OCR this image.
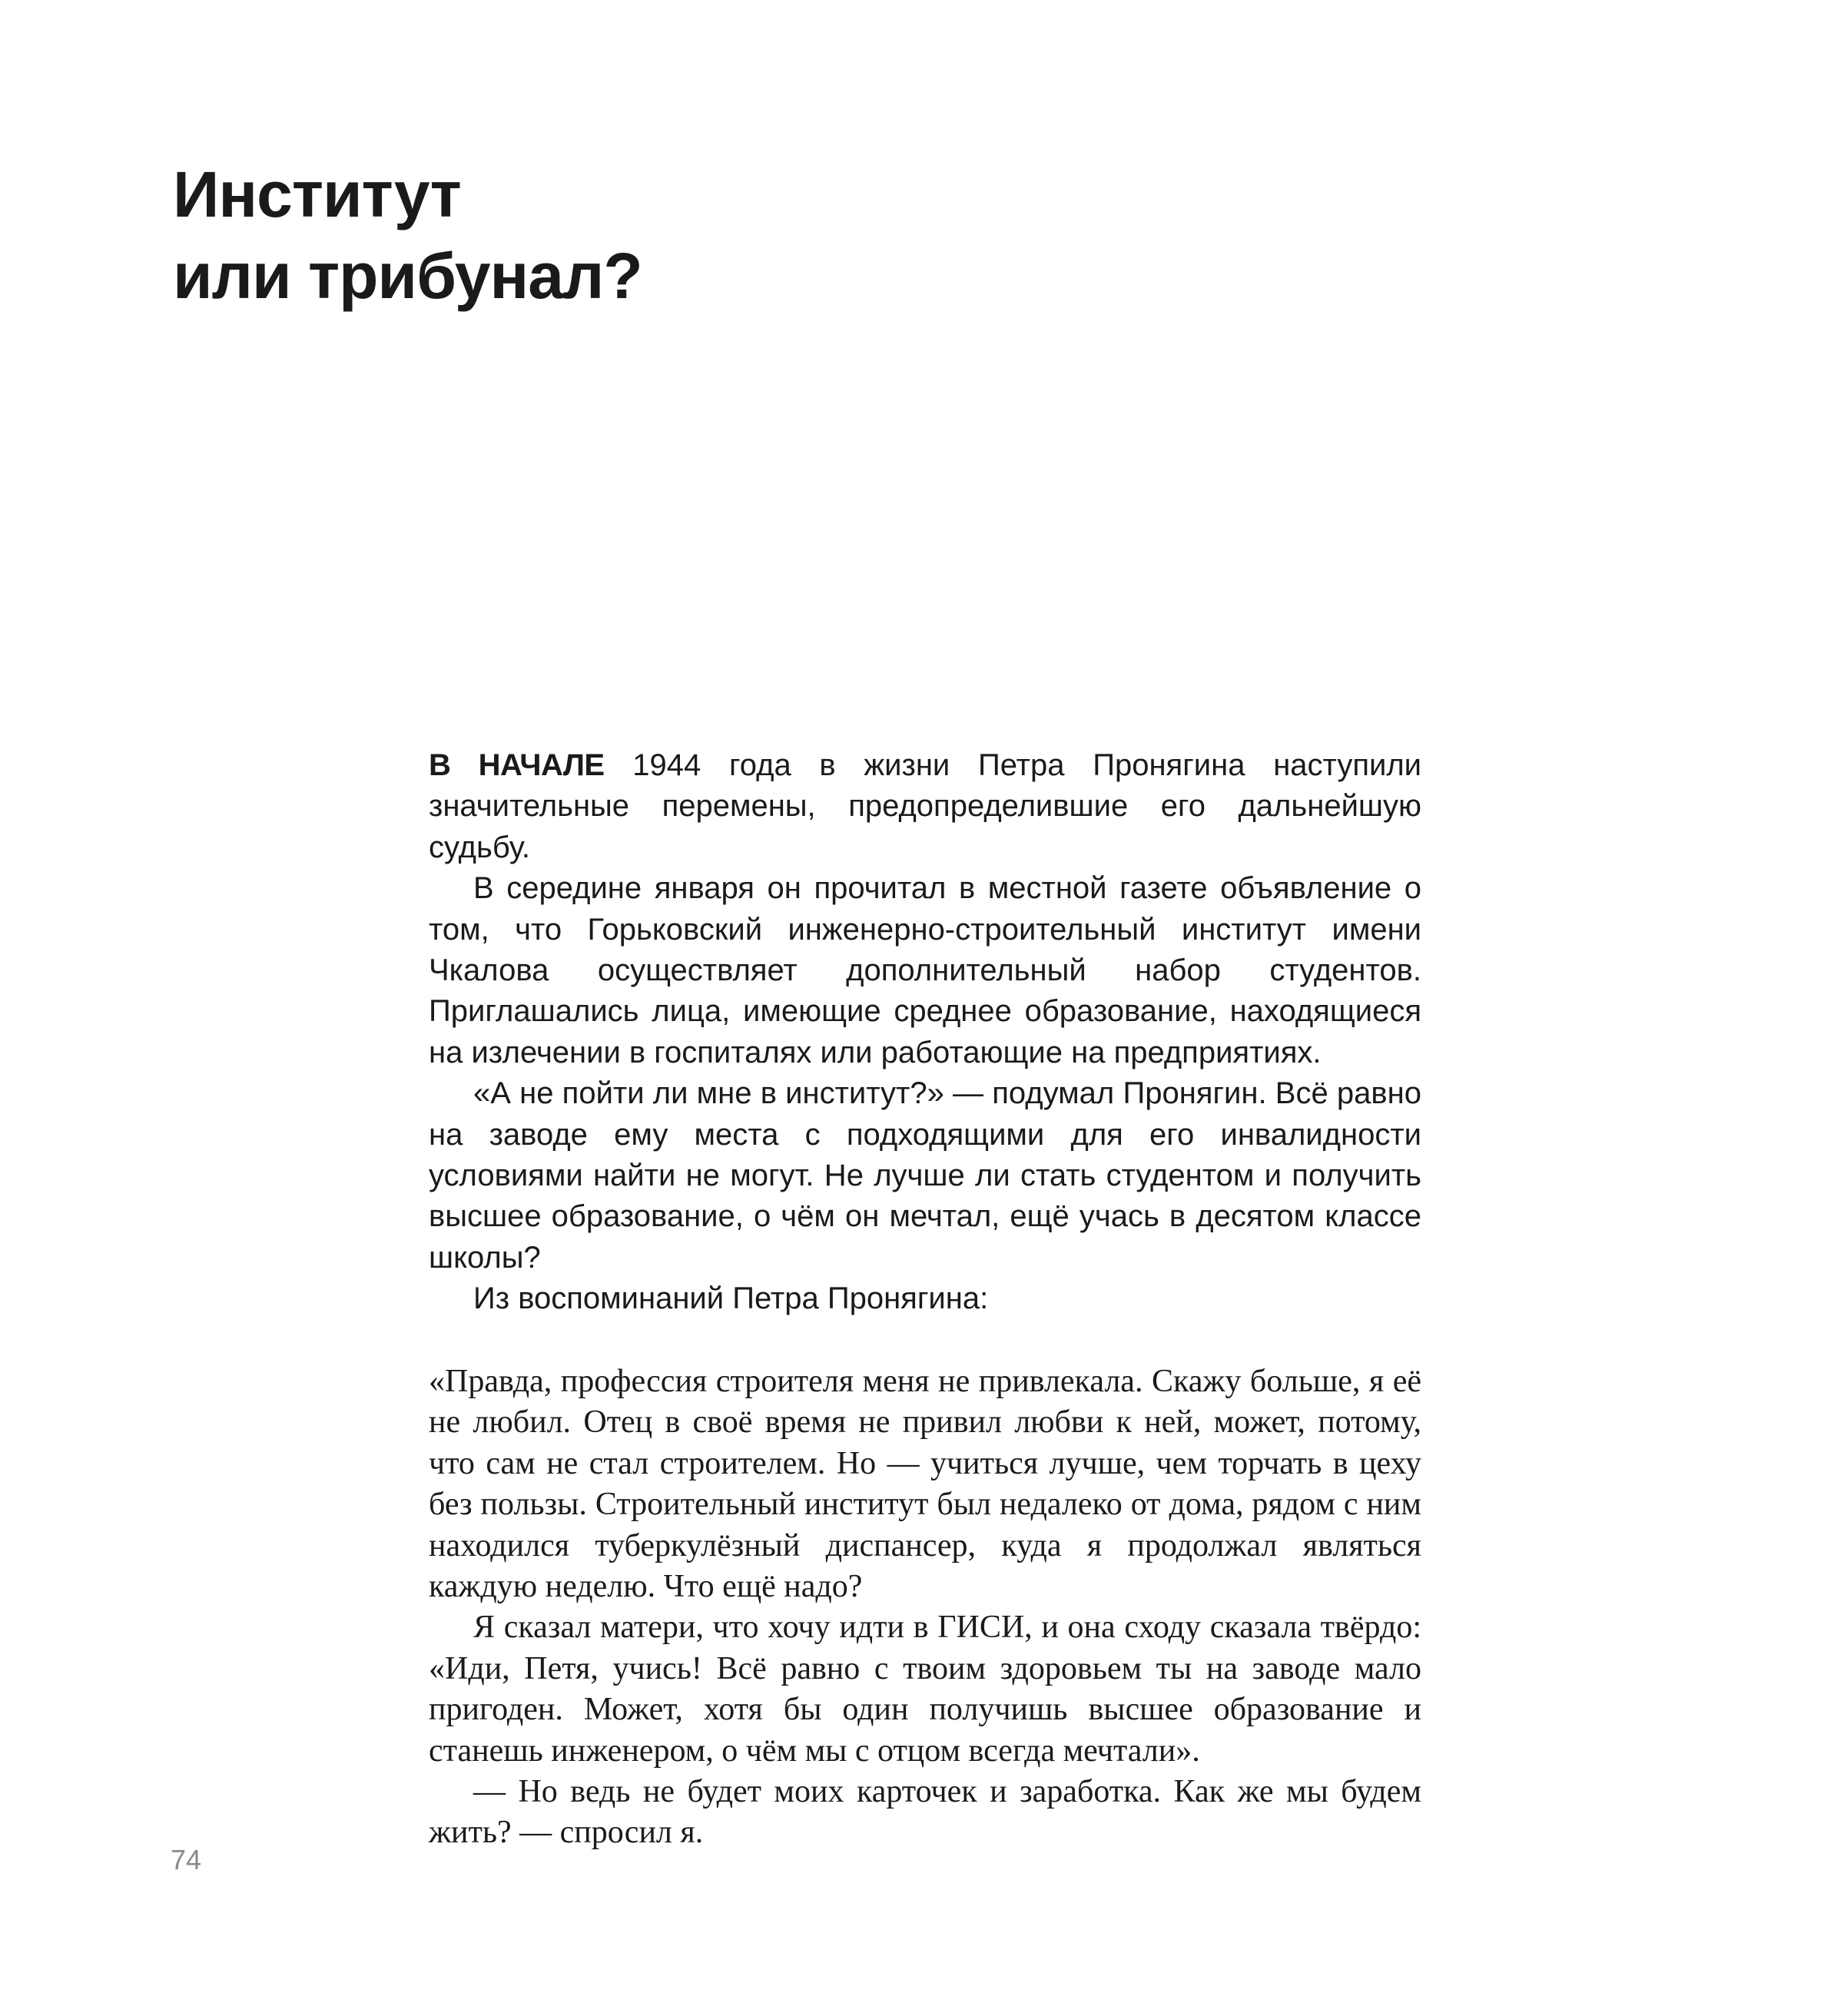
Институт
или трибунал?

В НАЧАЛЕ 1944 года в жизни Петра Пронягина наступили значительные перемены, предопределившие его дальнейшую судьбу.

В середине января он прочитал в местной газете объявление о том, что Горьковский инженерно-строительный институт имени Чкалова осуществляет дополнительный набор студентов. Приглашались лица, имеющие среднее образование, находящиеся на излечении в госпиталях или работающие на предприятиях.

«А не пойти ли мне в институт?» — подумал Пронягин. Всё равно на заводе ему места с подходящими для его инвалидности условиями найти не могут. Не лучше ли стать студентом и получить высшее образование, о чём он мечтал, ещё учась в десятом классе школы?

Из воспоминаний Петра Пронягина:

«Правда, профессия строителя меня не привлекала. Скажу больше, я её не любил. Отец в своё время не привил любви к ней, может, потому, что сам не стал строителем. Но — учиться лучше, чем торчать в цеху без пользы. Строительный институт был недалеко от дома, рядом с ним находился туберкулёзный диспансер, куда я продолжал являться каждую неделю. Что ещё надо?

Я сказал матери, что хочу идти в ГИСИ, и она сходу сказала твёрдо: «Иди, Петя, учись! Всё равно с твоим здоровьем ты на заводе мало пригоден. Может, хотя бы один получишь высшее образование и станешь инженером, о чём мы с отцом всегда мечтали».

— Но ведь не будет моих карточек и заработка. Как же мы будем жить? — спросил я.

74
